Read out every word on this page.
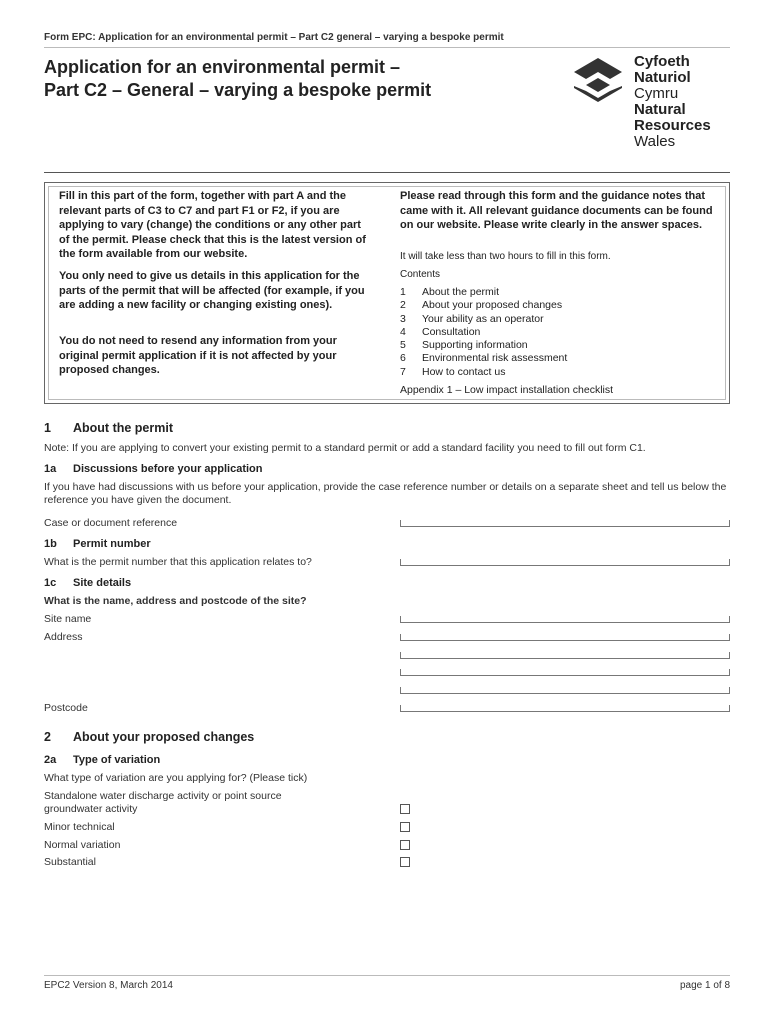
Form EPC: Application for an environmental permit – Part C2 general – varying a bespoke permit
Application for an environmental permit –
Part C2 – General – varying a bespoke permit
Cyfoeth
Naturiol
Cymru
Natural
Resources
Wales
Fill in this part of the form, together with part A and the relevant parts of C3 to C7 and part F1 or F2, if you are applying to vary (change) the conditions or any other part of the permit. Please check that this is the latest version of the form available from our website.
You only need to give us details in this application for the parts of the permit that will be affected (for example, if you are adding a new facility or changing existing ones).
You do not need to resend any information from your original permit application if it is not affected by your proposed changes.
Please read through this form and the guidance notes that came with it. All relevant guidance documents can be found on our website. Please write clearly in the answer spaces.
It will take less than two hours to fill in this form.
Contents
1	About the permit
2	About your proposed changes
3	Your ability as an operator
4	Consultation
5	Supporting information
6	Environmental risk assessment
7	How to contact us
Appendix 1 – Low impact installation checklist
1 About the permit
Note: If you are applying to convert your existing permit to a standard permit or add a standard facility you need to fill out form C1.
1a Discussions before your application
If you have had discussions with us before your application, provide the case reference number or details on a separate sheet and tell us below the reference you have given the document.
Case or document reference
1b Permit number
What is the permit number that this application relates to?
1c Site details
What is the name, address and postcode of the site?
Site name
Address
Postcode
2 About your proposed changes
2a Type of variation
What type of variation are you applying for? (Please tick)
Standalone water discharge activity or point source
groundwater activity
Minor technical
Normal variation
Substantial
EPC2 Version 8, March 2014	page 1 of 8
